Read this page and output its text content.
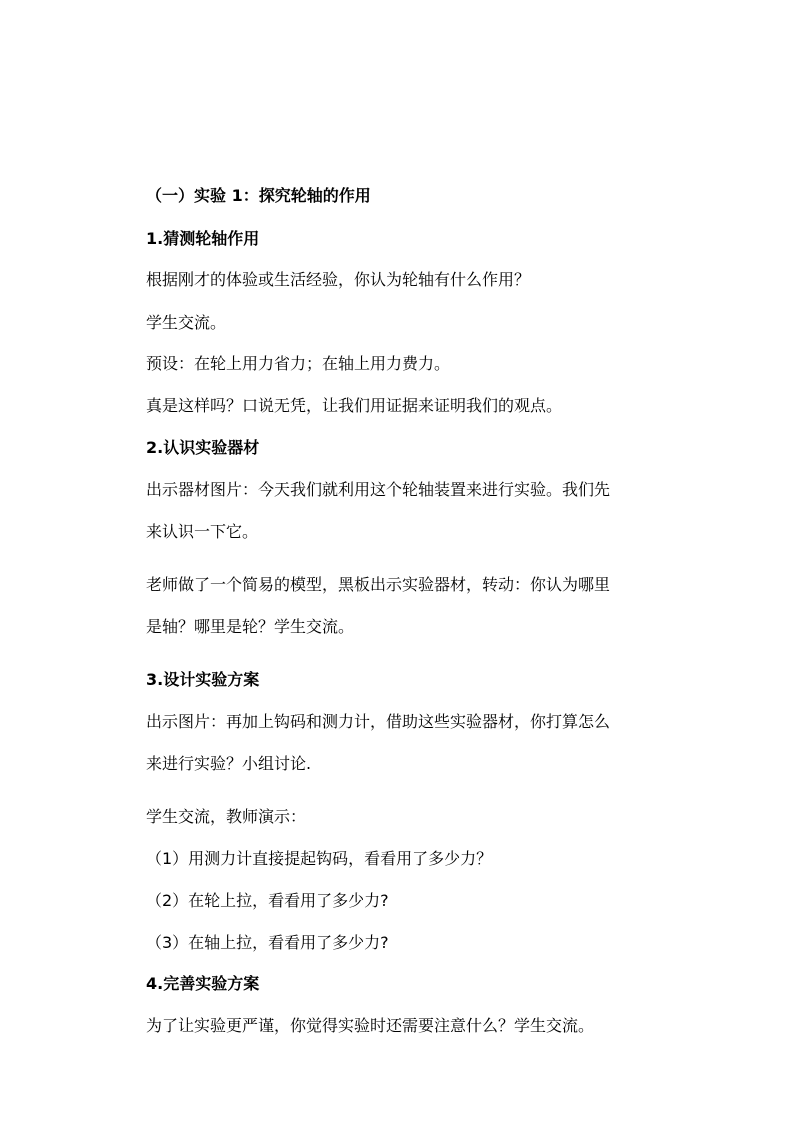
（一）实验 1：探究轮轴的作用

1.猜测轮轴作用

根据刚才的体验或生活经验，你认为轮轴有什么作用？

学生交流。

预设：在轮上用力省力；在轴上用力费力。

真是这样吗？口说无凭，让我们用证据来证明我们的观点。

2.认识实验器材

出示器材图片：今天我们就利用这个轮轴装置来进行实验。我们先

来认识一下它。

老师做了一个简易的模型，黑板出示实验器材，转动：你认为哪里

是轴？哪里是轮？学生交流。

3.设计实验方案

出示图片：再加上钩码和测力计，借助这些实验器材，你打算怎么

来进行实验？小组讨论.

学生交流，教师演示：

（1）用测力计直接提起钩码，看看用了多少力？

（2）在轮上拉，看看用了多少力?

（3）在轴上拉，看看用了多少力?

4.完善实验方案

为了让实验更严谨，你觉得实验时还需要注意什么？学生交流。
